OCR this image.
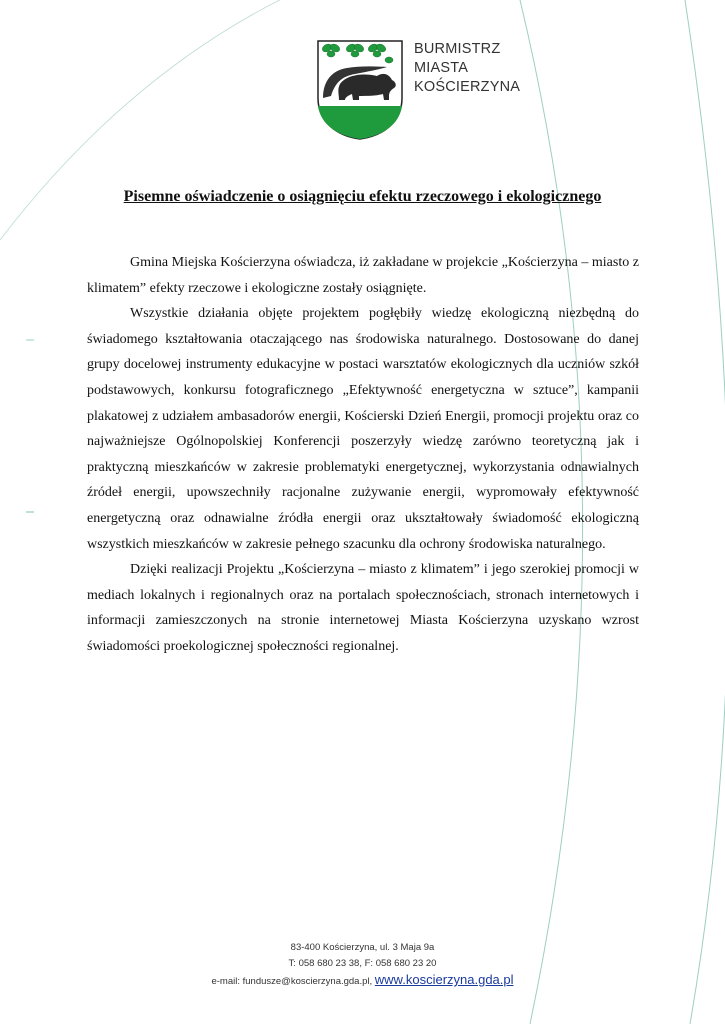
BURMISTRZ
MIASTA
KOŚCIERZYNA
Pisemne oświadczenie o osiągnięciu efektu rzeczowego i ekologicznego

Gmina Miejska Kościerzyna oświadcza, iż zakładane w projekcie „Kościerzyna – miasto z klimatem” efekty rzeczowe i ekologiczne zostały osiągnięte.

Wszystkie działania objęte projektem pogłębiły wiedzę ekologiczną niezbędną do świadomego kształtowania otaczającego nas środowiska naturalnego. Dostosowane do danej grupy docelowej instrumenty edukacyjne w postaci warsztatów ekologicznych dla uczniów szkół podstawowych, konkursu fotograficznego „Efektywność energetyczna w sztuce”, kampanii plakatowej z udziałem ambasadorów energii, Kościerski Dzień Energii, promocji projektu oraz co najważniejsze Ogólnopolskiej Konferencji poszerzyły wiedzę zarówno teoretyczną jak i praktyczną mieszkańców w zakresie problematyki energetycznej, wykorzystania odnawialnych źródeł energii, upowszechniły racjonalne zużywanie energii, wypromowały efektywność energetyczną oraz odnawialne źródła energii oraz ukształtowały świadomość ekologiczną wszystkich mieszkańców w zakresie pełnego szacunku dla ochrony środowiska naturalnego.

Dzięki realizacji Projektu „Kościerzyna – miasto z klimatem” i jego szerokiej promocji w mediach lokalnych i regionalnych oraz na portalach społecznościach, stronach internetowych i informacji zamieszczonych na stronie internetowej Miasta Kościerzyna uzyskano wzrost świadomości proekologicznej społeczności regionalnej.

83-400 Kościerzyna, ul. 3 Maja 9a
T: 058 680 23 38, F: 058 680 23 20
e-mail: fundusze@koscierzyna.gda.pl, www.koscierzyna.gda.pl
